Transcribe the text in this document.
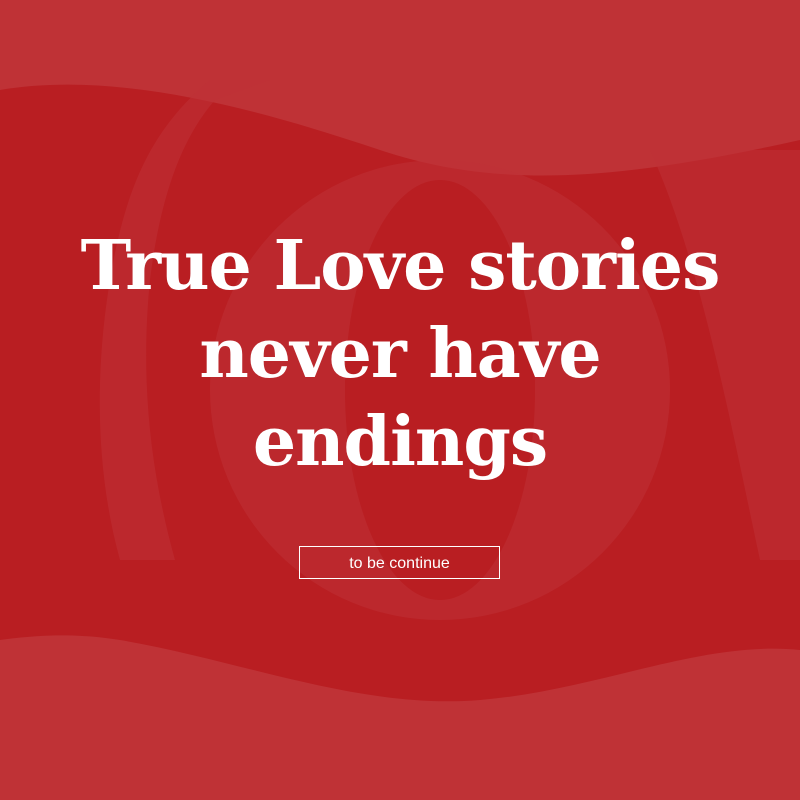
True Love stories
never have
endings
to be continue
